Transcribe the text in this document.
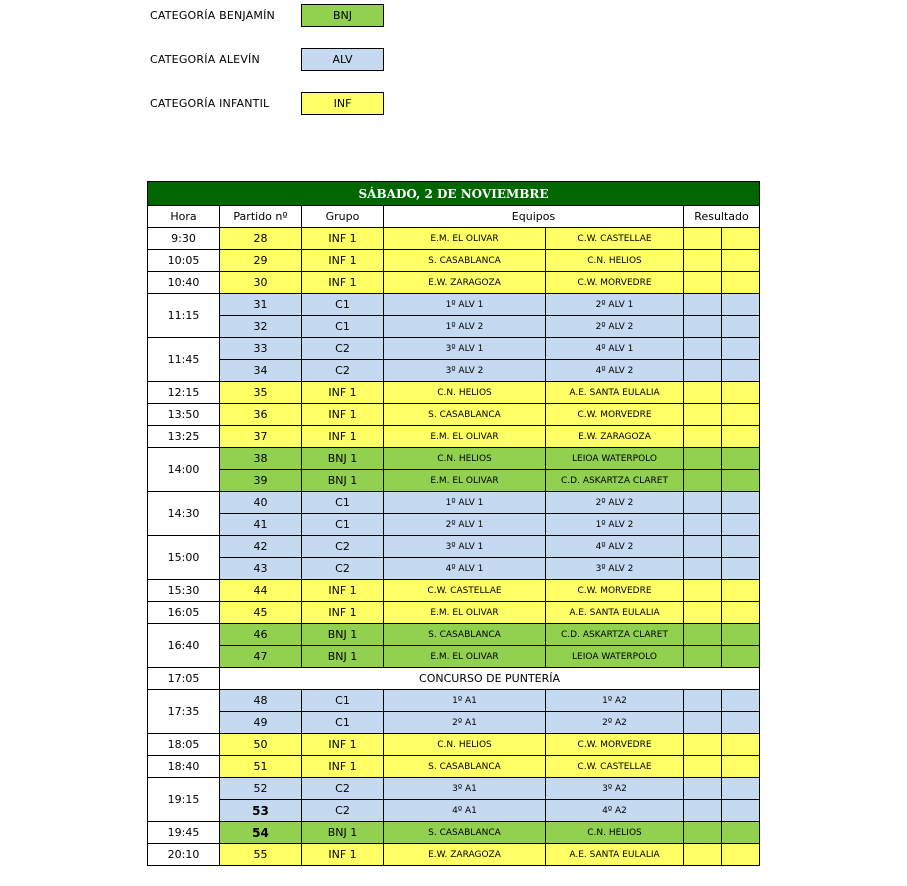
CATEGORÍA BENJAMÍN	BNJ
CATEGORÍA ALEVÍN	ALV
CATEGORÍA INFANTIL	INF
SÁBADO, 2 DE NOVIEMBRE						
Hora	Partido nº	Grupo	Equipos		Resultado	
9:30	28	INF 1	E.M. EL OLIVAR	C.W. CASTELLAE		
10:05	29	INF 1	S. CASABLANCA	C.N. HELIOS		
10:40	30	INF 1	E.W. ZARAGOZA	C.W. MORVEDRE		
11:15	31	C1	1º ALV 1	2º ALV 1		
	32	C1	1º ALV 2	2º ALV 2		
11:45	33	C2	3º ALV 1	4º ALV 1		
	34	C2	3º ALV 2	4º ALV 2		
12:15	35	INF 1	C.N. HELIOS	A.E. SANTA EULALIA		
13:50	36	INF 1	S. CASABLANCA	C.W. MORVEDRE		
13:25	37	INF 1	E.M. EL OLIVAR	E.W. ZARAGOZA		
14:00	38	BNJ 1	C.N. HELIOS	LEIOA WATERPOLO		
	39	BNJ 1	E.M. EL OLIVAR	C.D. ASKARTZA CLARET		
14:30	40	C1	1º ALV 1	2º ALV 2		
	41	C1	2º ALV 1	1º ALV 2		
15:00	42	C2	3º ALV 1	4º ALV 2		
	43	C2	4º ALV 1	3º ALV 2		
15:30	44	INF 1	C.W. CASTELLAE	C.W. MORVEDRE		
16:05	45	INF 1	E.M. EL OLIVAR	A.E. SANTA EULALIA		
16:40	46	BNJ 1	S. CASABLANCA	C.D. ASKARTZA CLARET		
	47	BNJ 1	E.M. EL OLIVAR	LEIOA WATERPOLO		
17:05	CONCURSO DE PUNTERÍA					
17:35	48	C1	1º A1	1º A2		
	49	C1	2º A1	2º A2		
18:05	50	INF 1	C.N. HELIOS	C.W. MORVEDRE		
18:40	51	INF 1	S. CASABLANCA	C.W. CASTELLAE		
19:15	52	C2	3º A1	3º A2		
	53	C2	4º A1	4º A2		
19:45	54	BNJ 1	S. CASABLANCA	C.N. HELIOS		
20:10	55	INF 1	E.W. ZARAGOZA	A.E. SANTA EULALIA		
